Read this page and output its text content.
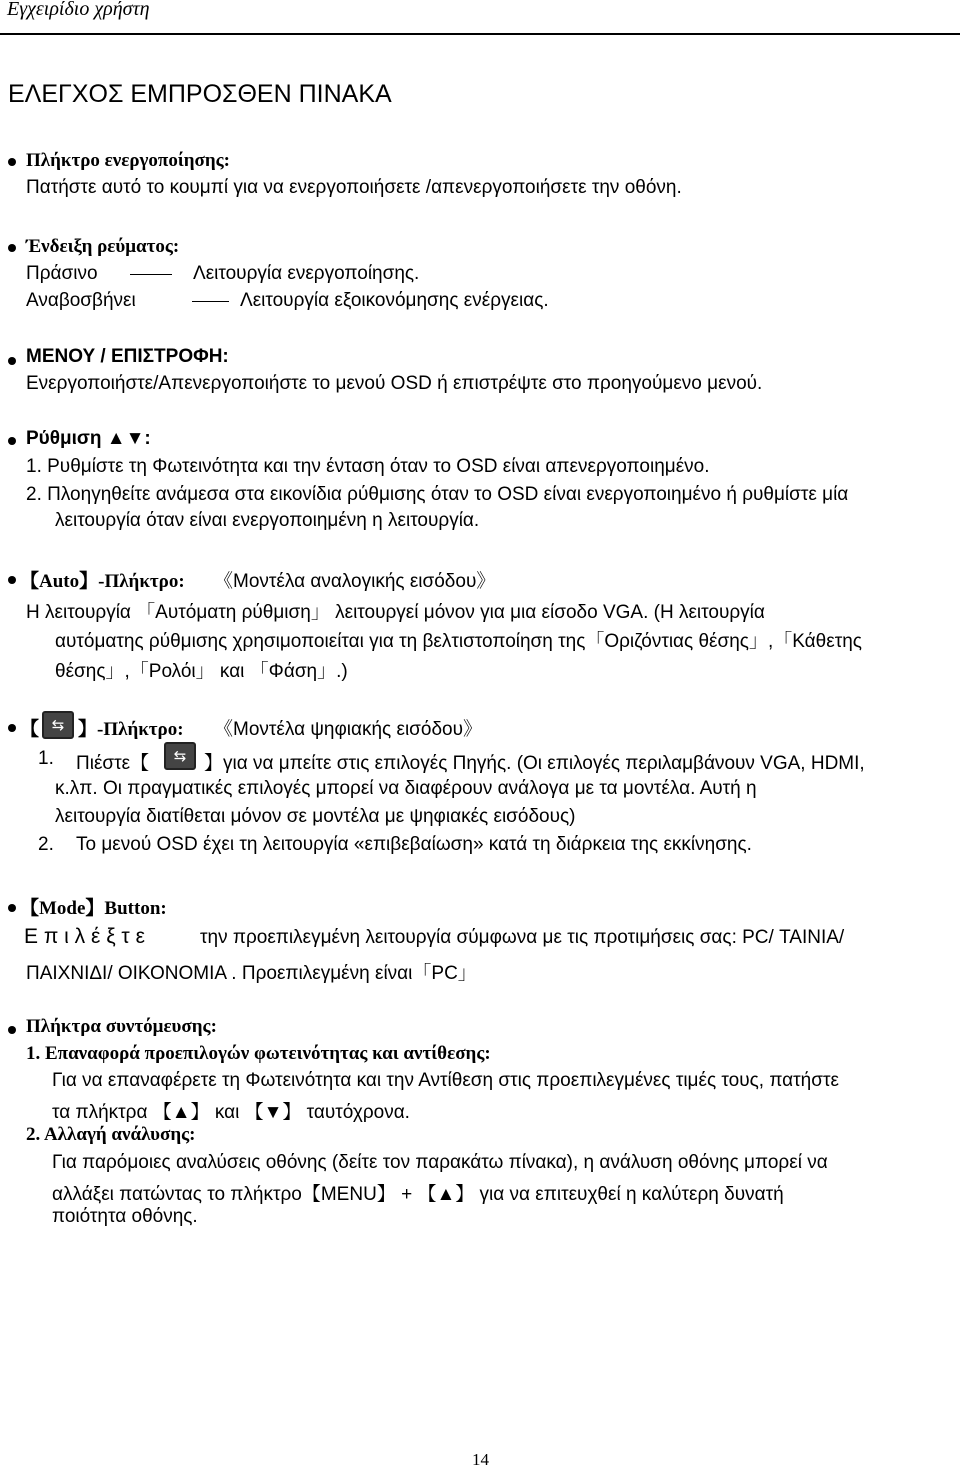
Εγχειρίδιο χρήστη
ΕΛΕΓΧΟΣ ΕΜΠΡΟΣΘΕΝ ΠΙΝΑΚΑ
Πλήκτρο ενεργοποίησης:
Πατήστε αυτό το κουμπί για να ενεργοποιήσετε /απενεργοποιήσετε την οθόνη.
Ένδειξη ρεύματος:
Πράσινο	Λειτουργία ενεργοποίησης.
Αναβοσβήνει	Λειτουργία εξοικονόμησης ενέργειας.
ΜΕΝΟΥ / ΕΠΙΣΤΡΟΦΗ:
Ενεργοποιήστε/Απενεργοποιήστε το μενού OSD ή επιστρέψτε στο προηγούμενο μενού.
Ρύθμιση ▲▼:
1. Ρυθμίστε τη Φωτεινότητα και την ένταση όταν το OSD είναι απενεργοποιημένο.
2. Πλοηγηθείτε ανάμεσα στα εικονίδια ρύθμισης όταν το OSD είναι ενεργοποιημένο ή ρυθμίστε μία
λειτουργία όταν είναι ενεργοποιημένη η λειτουργία.
【Auto】-Πλήκτρο: 《Μοντέλα αναλογικής εισόδου》
Η λειτουργία 「Αυτόματη ρύθμιση」 λειτουργεί μόνον για μια είσοδο VGA. (Η λειτουργία
αυτόματης ρύθμισης χρησιμοποιείται για τη βελτιστοποίηση της「Οριζόντιας θέσης」,「Κάθετης
θέσης」,「Ρολόι」 και 「Φάση」.)
【 ⇆ 】-Πλήκτρο: 《Μοντέλα ψηφιακής εισόδου》
1. Πιέστε【	⇆ 】για να μπείτε στις επιλογές Πηγής. (Οι επιλογές περιλαμβάνουν VGA, HDMI,
κ.λπ. Οι πραγματικές επιλογές μπορεί να διαφέρουν ανάλογα με τα μοντέλα. Αυτή η
λειτουργία διατίθεται μόνον σε μοντέλα με ψηφιακές εισόδους)
2. Το μενού OSD έχει τη λειτουργία «επιβεβαίωση» κατά τη διάρκεια της εκκίνησης.
【Mode】Button:
Ε π ι λ έ ξ τ ε	την προεπιλεγμένη λειτουργία σύμφωνα με τις προτιμήσεις σας: PC/ ΤΑΙΝΙΑ/
ΠΑΙΧΝΙΔΙ/ ΟΙΚΟΝΟΜΙΑ . Προεπιλεγμένη είναι「PC」
Πλήκτρα συντόμευσης:
1. Επαναφορά προεπιλογών φωτεινότητας και αντίθεσης:
Για να επαναφέρετε τη Φωτεινότητα και την Αντίθεση στις προεπιλεγμένες τιμές τους, πατήστε
τα πλήκτρα 【▲】 και 【▼】 ταυτόχρονα.
2. Αλλαγή ανάλυσης:
Για παρόμοιες αναλύσεις οθόνης (δείτε τον παρακάτω πίνακα), η ανάλυση οθόνης μπορεί να
αλλάξει πατώντας το πλήκτρο【MENU】 + 【▲】 για να επιτευχθεί η καλύτερη δυνατή
ποιότητα οθόνης.
14
